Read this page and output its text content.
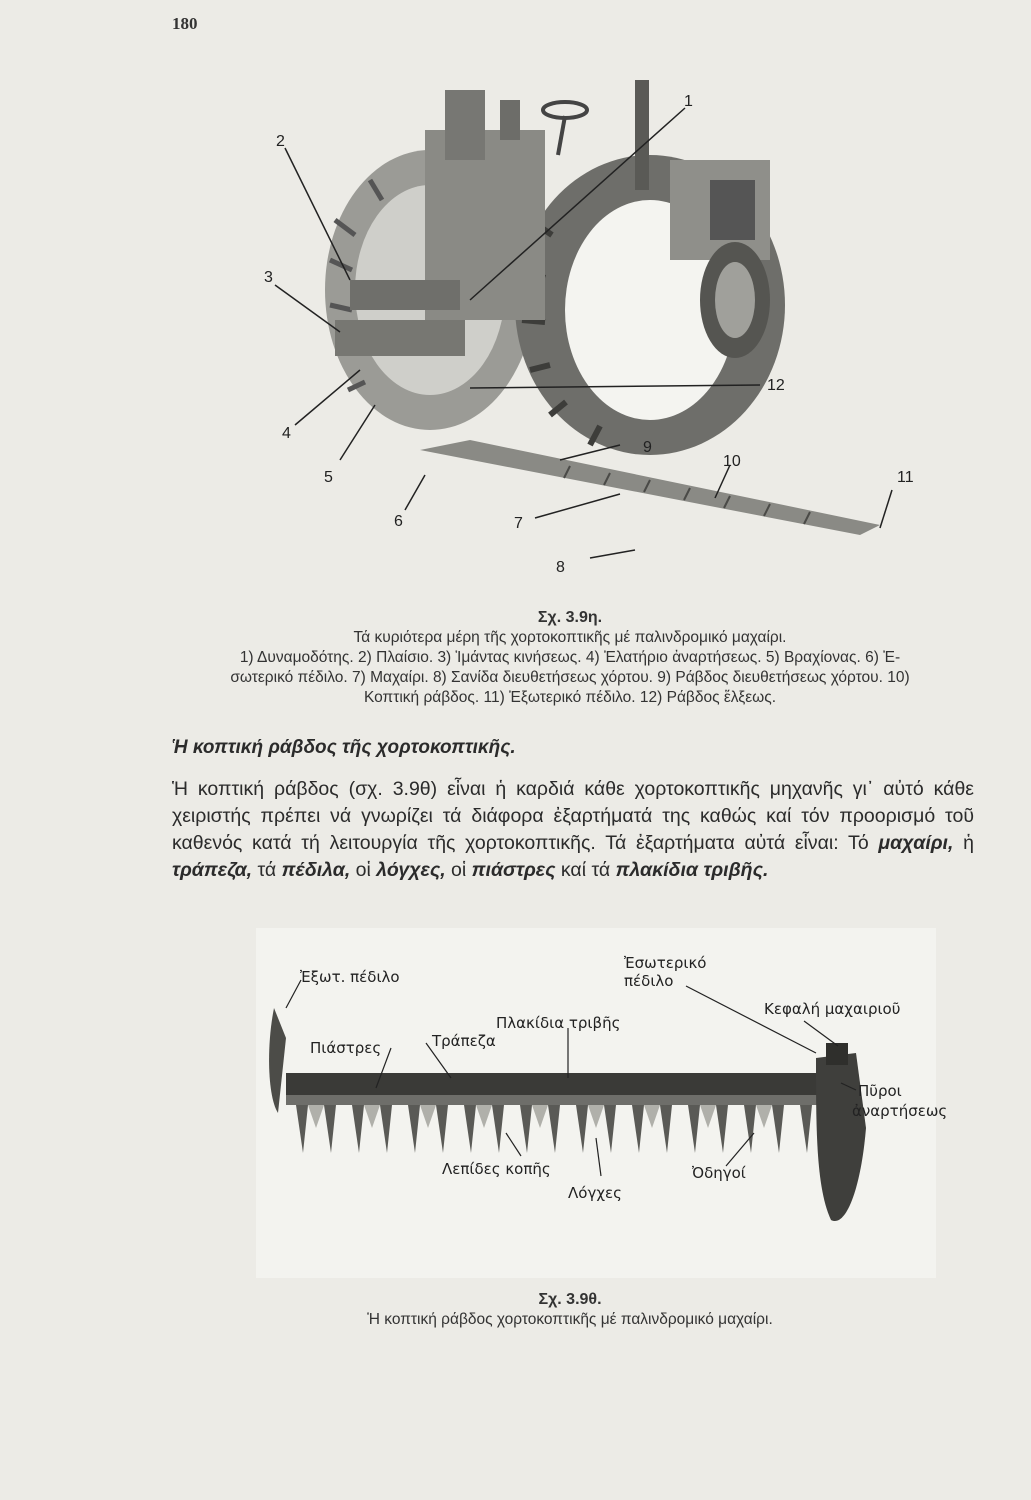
180
1
2
3
4
5
6	7
8
9
10
11
12
Σχ. 3.9η.
Τά κυριότερα μέρη τῆς χορτοκοπτικῆς μέ παλινδρομικό μαχαίρι.
1) Δυναμοδότης. 2) Πλαίσιο. 3) Ἱμάντας κινήσεως. 4) Ἐλατήριο ἀναρτήσεως. 5) Βραχίονας. 6) Ἐ-
σωτερικό πέδιλο. 7) Μαχαίρι. 8) Σανίδα διευθετήσεως χόρτου. 9) Ράβδος διευθετήσεως χόρτου. 10)
Κοπτική ράβδος. 11) Ἐξωτερικό πέδιλο. 12) Ράβδος ἕλξεως.
Ἡ κοπτική ράβδος τῆς χορτοκοπτικῆς.
Ἡ κοπτική ράβδος (σχ. 3.9θ) εἶναι ἡ καρδιά κάθε χορτοκοπτικῆς μηχανῆς γι᾽ αὐτό κάθε χειριστής πρέπει νά γνωρίζει τά διάφορα ἐξαρτήματά της καθώς καί τόν προορισμό τοῦ καθενός κατά τή λειτουργία τῆς χορτοκοπτικῆς. Τά ἐξαρτήματα αὐτά εἶναι: Τό μαχαίρι, ἡ τράπεζα, τά πέδιλα, οἱ λόγχες, οἱ πιάστρες καί τά πλακίδια τριβῆς.
Ἐξωτ. πέδιλο
Ἐσωτερικό
πέδιλο
Πλακίδια τριβῆς
Κεφαλή μαχαιριοῦ
Πιάστρες	Τράπεζα
Πῦροι
ἀναρτήσεως
Λεπίδες κοπῆς	Ὀδηγοί
Λόγχες
Σχ. 3.9θ.
Ἡ κοπτική ράβδος χορτοκοπτικῆς μέ παλινδρομικό μαχαίρι.
